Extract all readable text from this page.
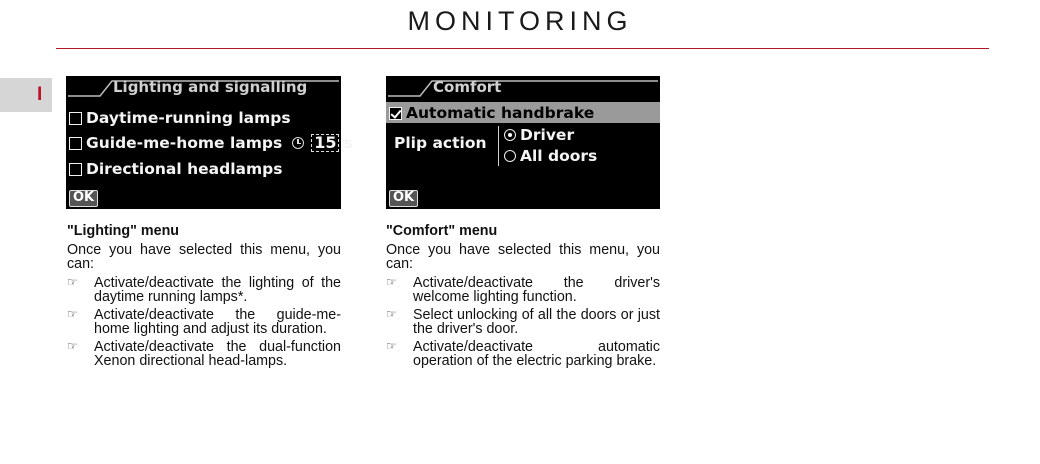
MONITORING
I	Lighting and signalling
Daytime-running lamps
Guide-me-home lamps 15 s
Directional headlamps
OK
Comfort
Automatic handbrake
Plip action Driver
All doors
OK
"Lighting" menu
Once you have selected this menu, you can:
☞ Activate/deactivate the lighting of the daytime running lamps*.
☞ Activate/deactivate the guide-me-home lighting and adjust its duration.
☞ Activate/deactivate the dual-function Xenon directional head-lamps.
"Comfort" menu
Once you have selected this menu, you can:
☞ Activate/deactivate the driver's welcome lighting function.
☞ Select unlocking of all the doors or just the driver's door.
☞ Activate/deactivate automatic operation of the electric parking brake.
